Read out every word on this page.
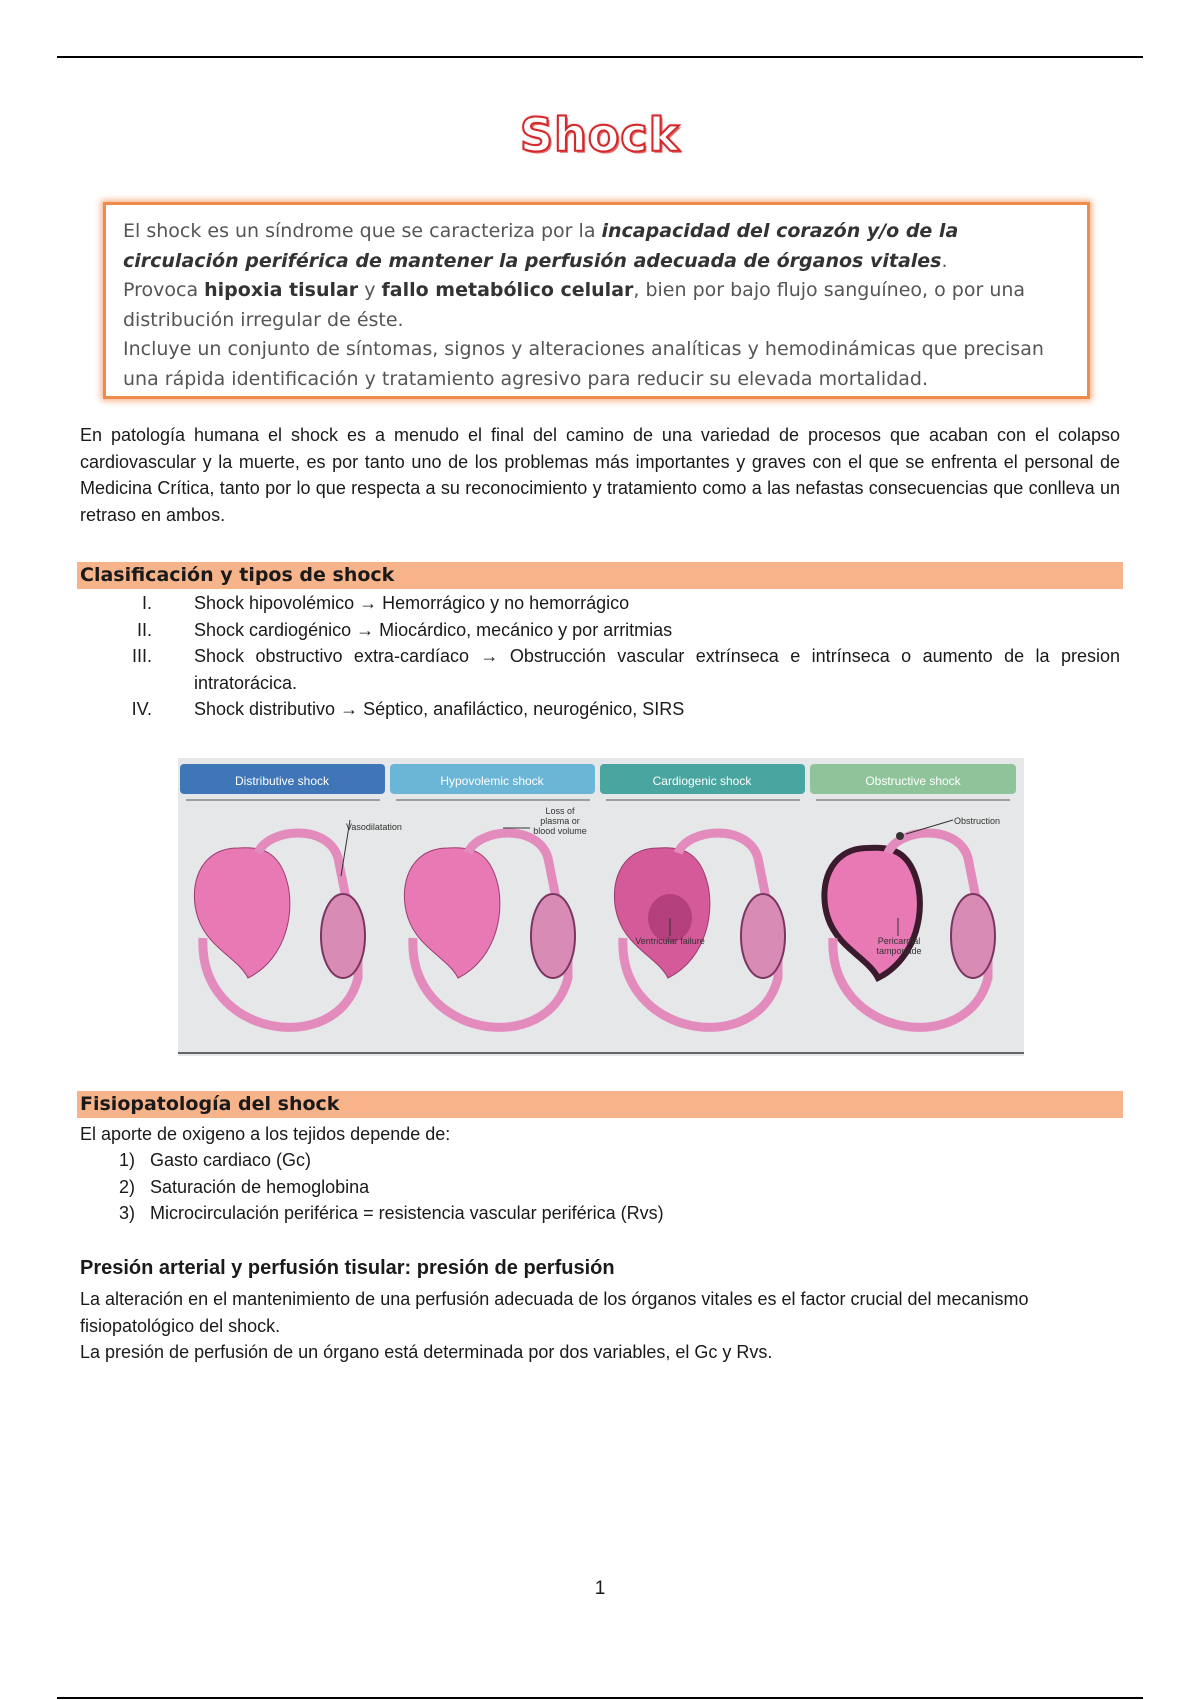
Shock

El shock es un síndrome que se caracteriza por la incapacidad del corazón y/o de la circulación periférica de mantener la perfusión adecuada de órganos vitales.

Provoca hipoxia tisular y fallo metabólico celular, bien por bajo flujo sanguíneo, o por una distribución irregular de éste.

Incluye un conjunto de síntomas, signos y alteraciones analíticas y hemodinámicas que precisan una rápida identificación y tratamiento agresivo para reducir su elevada mortalidad.

En patología humana el shock es a menudo el final del camino de una variedad de procesos que acaban con el colapso cardiovascular y la muerte, es por tanto uno de los problemas más importantes y graves con el que se enfrenta el personal de Medicina Crítica, tanto por lo que respecta a su reconocimiento y tratamiento como a las nefastas consecuencias que conlleva un retraso en ambos.

Clasificación y tipos de shock
I.	Shock hipovolémico → Hemorrágico y no hemorrágico
II.	Shock cardiogénico → Miocárdico, mecánico y por arritmias
III.	Shock obstructivo extra-cardíaco → Obstrucción vascular extrínseca e intrínseca o aumento de la presion intratorácica.
IV.	Shock distributivo → Séptico, anafiláctico, neurogénico, SIRS
Distributive shock
Vasodilatation
Hypovolemic shock
Loss of plasma or blood volume
Cardiogenic shock
Ventricular failure
Obstructive shock
Obstruction
Pericardial tamponade
Fisiopatología del shock

El aporte de oxigeno a los tejidos depende de:

1) Gasto cardiaco (Gc)
2) Saturación de hemoglobina
3) Microcirculación periférica = resistencia vascular periférica (Rvs)
Presión arterial y perfusión tisular: presión de perfusión

La alteración en el mantenimiento de una perfusión adecuada de los órganos vitales es el factor crucial del mecanismo fisiopatológico del shock.

La presión de perfusión de un órgano está determinada por dos variables, el Gc y Rvs.

1
